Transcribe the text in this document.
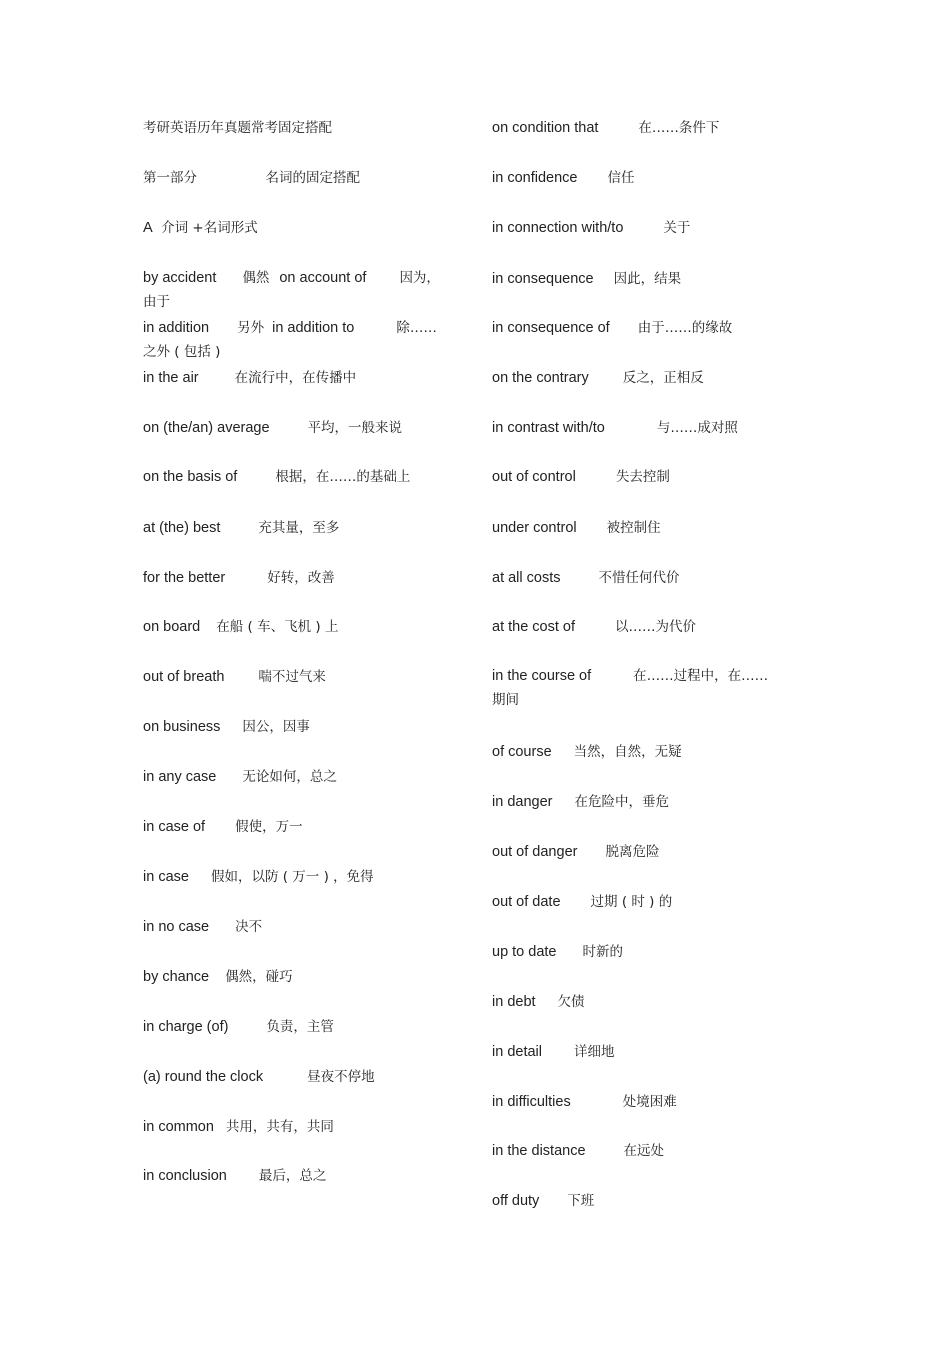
考研英语历年真题常考固定搭配
第一部分	名词的固定搭配
A 介词 +名词形式
by accident 偶然 on account of 因为，
由于
in addition 另外 in addition to	除……
之外 ( 包括 )
in the air	在流行中，在传播中
on (the/an) average	平均，一般来说
on the basis of	根据，在……的基础上
at (the) best	充其量，至多
for the better	好转，改善
on board 在船 ( 车、飞机 ) 上
out of breath	喘不过气来
on business 因公，因事
in any case 无论如何，总之
in case of 假使，万一
in case 假如，以防 ( 万一 ) ，免得
in no case 决不
by chance 偶然，碰巧
in charge (of)	负责，主管
(a) round the clock	昼夜不停地
in common 共用，共有，共同
in conclusion 最后，总之
on condition that	在……条件下
in confidence 信任
in connection with/to	关于
in consequence 因此，结果
in consequence of 由于……的缘故
on the contrary	反之，正相反
in contrast with/to	与……成对照
out of control	失去控制
under control 被控制住
at all costs	不惜任何代价
at the cost of	以……为代价
in the course of	在……过程中，在……
期间
of course 当然，自然，无疑
in danger 在危险中，垂危
out of danger 脱离危险
out of date 过期 ( 时 ) 的
up to date 时新的
in debt 欠债
in detail 详细地
in difficulties	处境困难
in the distance	在远处
off duty 下班
